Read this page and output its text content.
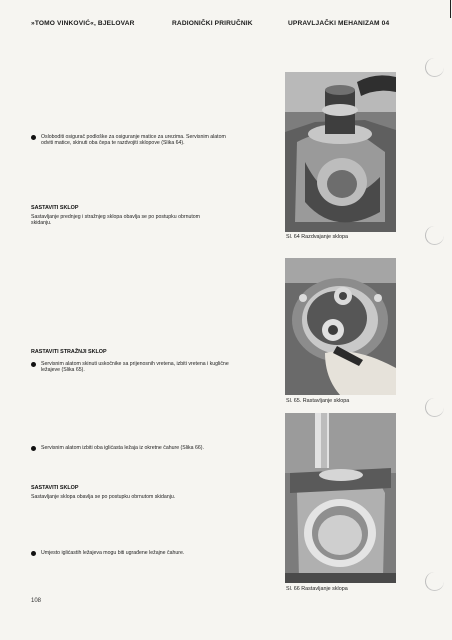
»TOMO VINKOVIĆ«, BJELOVAR	RADIONIČKI PRIRUČNIK	UPRAVLJAČKI MEHANIZAM 04
Osloboditi osigurač podloške za osiguranje matice za urezima. Servisnim alatom odviti matice, skinuti oba čepa te razdvojiti sklopove (Slika 64).
SASTAVITI SKLOP
Sastavljanje prednjeg i stražnjeg sklopa obavlja se po postupku obrnutom skidanju.
RASTAVITI STRAŽNJI SKLOP
Servisnim alatom skinuti uskočnike sa prijenosnih vretena, izbiti vretena i kuglične ležajeve (Slika 65).
Servisnim alatom izbiti oba iglićasta ležaja iz okretne čahure (Slika 66).
SASTAVITI SKLOP
Sastavljanje sklopa obavlja se po postupku obrnutom skidanju.
Umjesto iglićastih ležajeva mogu biti ugrađene ležajne čahure.
Sl. 64 Razdvajanje sklopa
Sl. 65. Rastavljanje sklopa
Sl. 66 Rastavljanje sklopa
108
